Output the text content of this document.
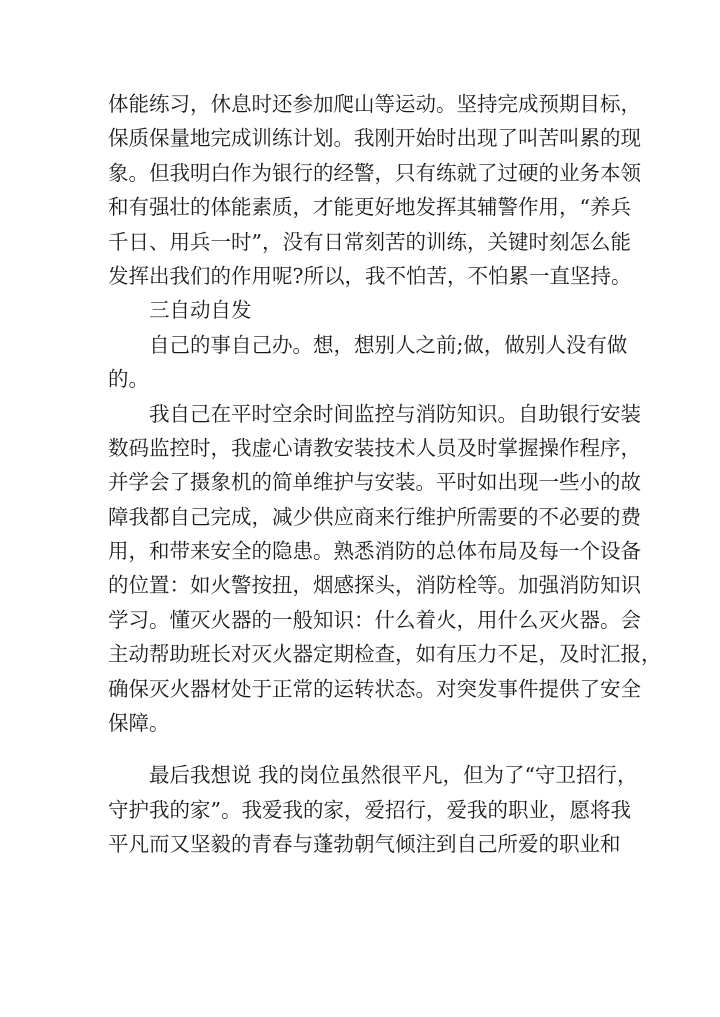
体能练习，休息时还参加爬山等运动。坚持完成预期目标，
保质保量地完成训练计划。我刚开始时出现了叫苦叫累的现
象。但我明白作为银行的经警，只有练就了过硬的业务本领
和有强壮的体能素质，才能更好地发挥其辅警作用，“养兵
千日、用兵一时”，没有日常刻苦的训练，关键时刻怎么能
发挥出我们的作用呢?所以，我不怕苦，不怕累一直坚持。
三自动自发
自己的事自己办。想，想别人之前;做，做别人没有做
的。
我自己在平时空余时间监控与消防知识。自助银行安装
数码监控时，我虚心请教安装技术人员及时掌握操作程序，
并学会了摄象机的简单维护与安装。平时如出现一些小的故
障我都自己完成，减少供应商来行维护所需要的不必要的费
用，和带来安全的隐患。熟悉消防的总体布局及每一个设备
的位置：如火警按扭，烟感探头，消防栓等。加强消防知识
学习。懂灭火器的一般知识：什么着火，用什么灭火器。会
主动帮助班长对灭火器定期检查，如有压力不足，及时汇报，
确保灭火器材处于正常的运转状态。对突发事件提供了安全
保障。
最后我想说 我的岗位虽然很平凡，但为了“守卫招行，
守护我的家”。我爱我的家，爱招行，爱我的职业，愿将我
平凡而又坚毅的青春与蓬勃朝气倾注到自己所爱的职业和
